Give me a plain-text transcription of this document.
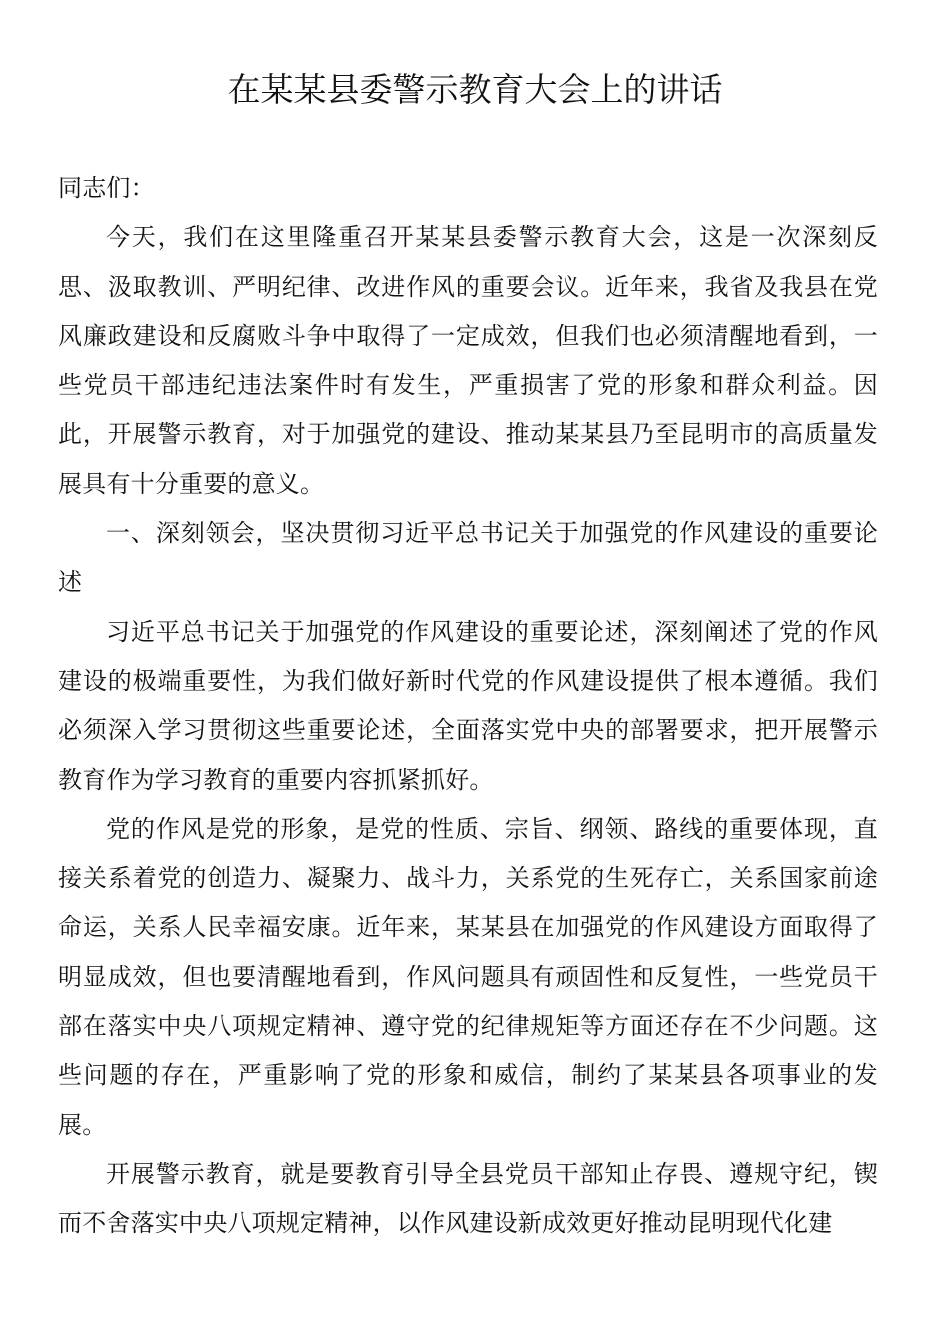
在某某县委警示教育大会上的讲话

同志们：

今天，我们在这里隆重召开某某县委警示教育大会，这是一次深刻反思、汲取教训、严明纪律、改进作风的重要会议。近年来，我省及我县在党风廉政建设和反腐败斗争中取得了一定成效，但我们也必须清醒地看到，一些党员干部违纪违法案件时有发生，严重损害了党的形象和群众利益。因此，开展警示教育，对于加强党的建设、推动某某县乃至昆明市的高质量发展具有十分重要的意义。

一、深刻领会，坚决贯彻习近平总书记关于加强党的作风建设的重要论述

习近平总书记关于加强党的作风建设的重要论述，深刻阐述了党的作风建设的极端重要性，为我们做好新时代党的作风建设提供了根本遵循。我们必须深入学习贯彻这些重要论述，全面落实党中央的部署要求，把开展警示教育作为学习教育的重要内容抓紧抓好。

党的作风是党的形象，是党的性质、宗旨、纲领、路线的重要体现，直接关系着党的创造力、凝聚力、战斗力，关系党的生死存亡，关系国家前途命运，关系人民幸福安康。近年来，某某县在加强党的作风建设方面取得了明显成效，但也要清醒地看到，作风问题具有顽固性和反复性，一些党员干部在落实中央八项规定精神、遵守党的纪律规矩等方面还存在不少问题。这些问题的存在，严重影响了党的形象和威信，制约了某某县各项事业的发展。

开展警示教育，就是要教育引导全县党员干部知止存畏、遵规守纪，锲而不舍落实中央八项规定精神，以作风建设新成效更好推动昆明现代化建
